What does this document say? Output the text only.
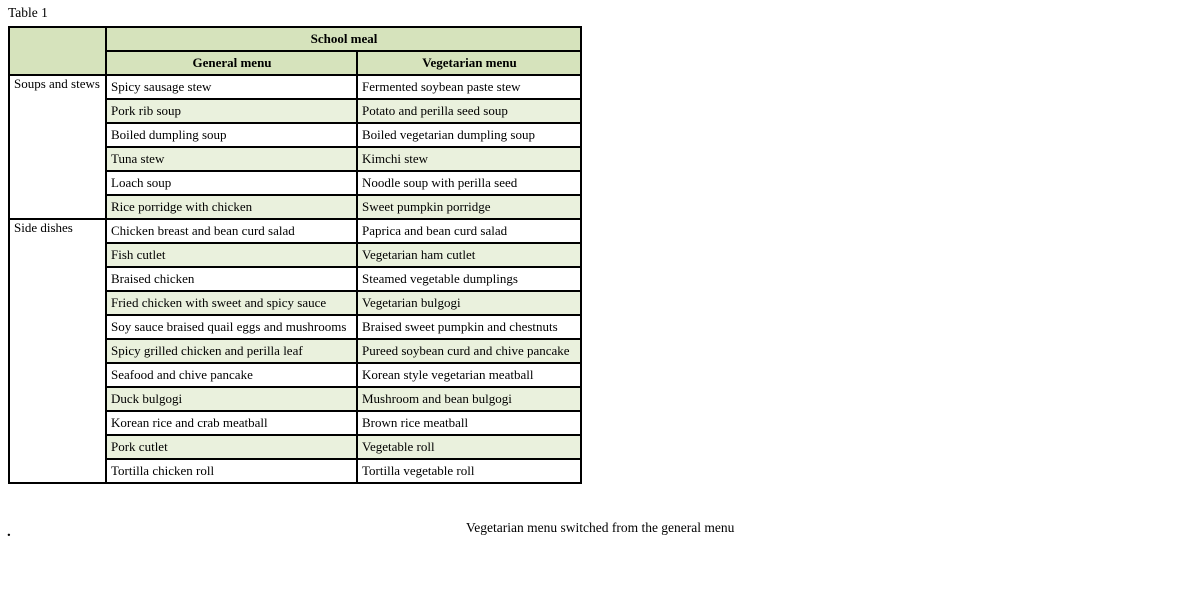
Table 1
	School meal	
	General menu	Vegetarian menu
Soups and stews	Spicy sausage stew	Fermented soybean paste stew
	Pork rib soup	Potato and perilla seed soup
	Boiled dumpling soup	Boiled vegetarian dumpling soup
	Tuna stew	Kimchi stew
	Loach soup	Noodle soup with perilla seed
	Rice porridge with chicken	Sweet pumpkin porridge
Side dishes	Chicken breast and bean curd salad	Paprica and bean curd salad
	Fish cutlet	Vegetarian ham cutlet
	Braised chicken	Steamed vegetable dumplings
	Fried chicken with sweet and spicy sauce	Vegetarian bulgogi
	Soy sauce braised quail eggs and mushrooms	Braised sweet pumpkin and chestnuts
	Spicy grilled chicken and perilla leaf	Pureed soybean curd and chive pancake
	Seafood and chive pancake	Korean style vegetarian meatball
	Duck bulgogi	Mushroom and bean bulgogi
	Korean rice and crab meatball	Brown rice meatball
	Pork cutlet	Vegetable roll
	Tortilla chicken roll	Tortilla vegetable roll
Vegetarian menu switched from the general menu
.
